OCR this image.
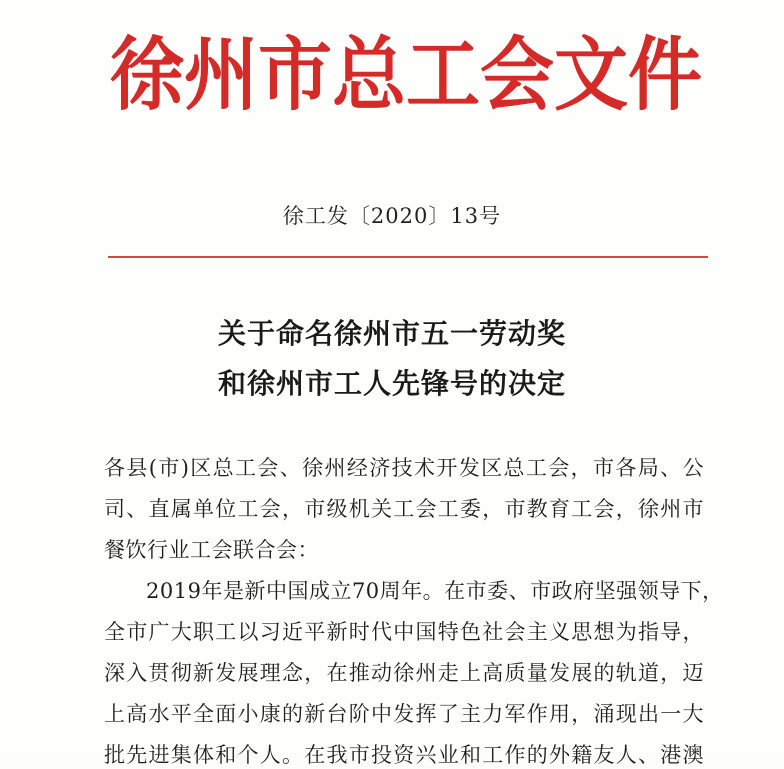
徐 州 市 总 工 会 文 件
徐工发〔2020〕13号
关于命名徐州市五一劳动奖
和徐州市工人先锋号的决定
各县(市)区总工会、徐州经济技术开发区总工会，市各局、公
司、直属单位工会，市级机关工会工委，市教育工会，徐州市
餐饮行业工会联合会：
2019年是新中国成立70周年。在市委、市政府坚强领导下，
全市广大职工以习近平新时代中国特色社会主义思想为指导，
深入贯彻新发展理念，在推动徐州走上高质量发展的轨道，迈
上高水平全面小康的新台阶中发挥了主力军作用，涌现出一大
批先进集体和个人。在我市投资兴业和工作的外籍友人、港澳
